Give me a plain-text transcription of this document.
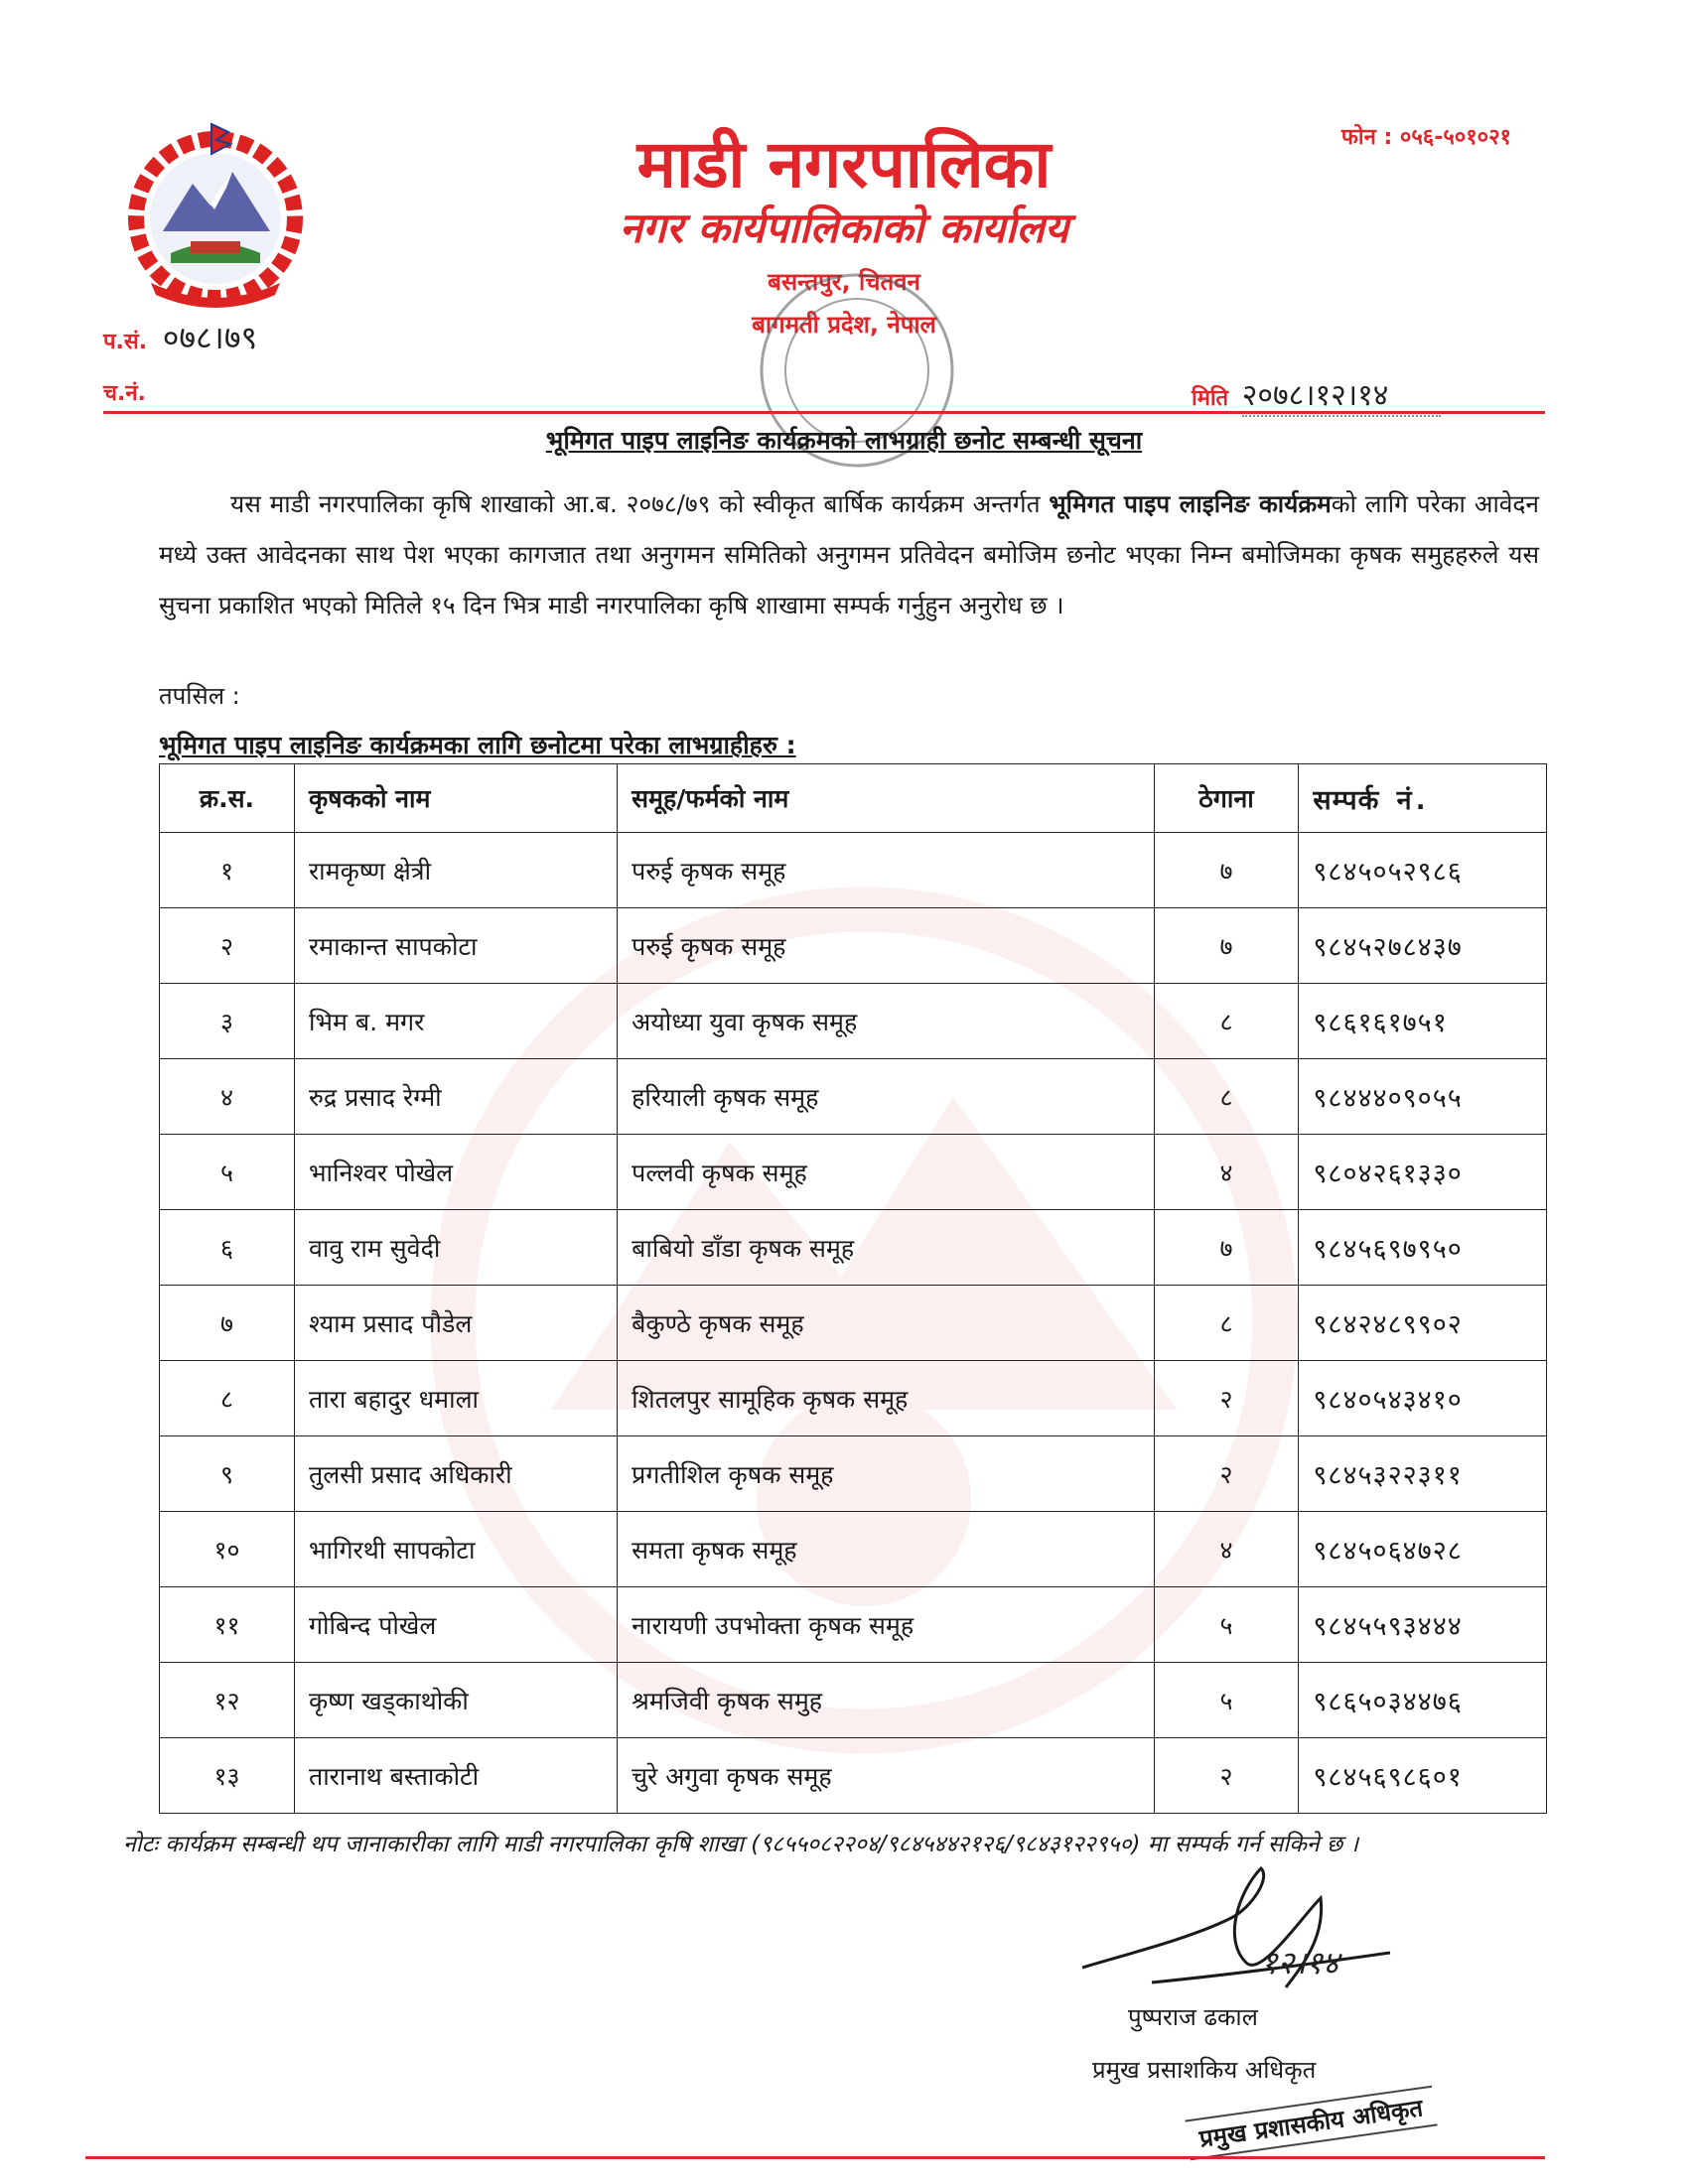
माडी नगरपालिका
नगर कार्यपालिकाको कार्यालय
बसन्तपुर, चितवन
बागमती प्रदेश, नेपाल
फोन : ०५६-५०१०२१
प.सं. ०७८।७९
च.नं.	मिति २०७८।१२।१४
भूमिगत पाइप लाइनिङ कार्यक्रमको लाभग्राही छनोट सम्बन्धी सूचना
यस माडी नगरपालिका कृषि शाखाको आ.ब. २०७८/७९ को स्वीकृत बार्षिक कार्यक्रम अन्तर्गत भूमिगत पाइप लाइनिङ कार्यक्रमको लागि परेका आवेदन मध्ये उक्त आवेदनका साथ पेश भएका कागजात तथा अनुगमन समितिको अनुगमन प्रतिवेदन बमोजिम छनोट भएका निम्न बमोजिमका कृषक समुहहरुले यस सुचना प्रकाशित भएको मितिले १५ दिन भित्र माडी नगरपालिका कृषि शाखामा सम्पर्क गर्नुहुन अनुरोध छ ।
तपसिल :
भूमिगत पाइप लाइनिङ कार्यक्रमका लागि छनोटमा परेका लाभग्राहीहरु :
क्र.स.	कृषकको नाम	समूह/फर्मको नाम	ठेगाना	सम्पर्क नं.
१	रामकृष्ण क्षेत्री	परुई कृषक समूह	७	९८४५०५२९८६
२	रमाकान्त सापकोटा	परुई कृषक समूह	७	९८४५२७८४३७
३	भिम ब. मगर	अयोध्या युवा कृषक समूह	८	९८६१६१७५१
४	रुद्र प्रसाद रेग्मी	हरियाली कृषक समूह	८	९८४४४०९०५५
५	भानिश्वर पोखेल	पल्लवी कृषक समूह	४	९८०४२६१३३०
६	वावु राम सुवेदी	बाबियो डाँडा कृषक समूह	७	९८४५६९७९५०
७	श्याम प्रसाद पौडेल	बैकुण्ठे कृषक समूह	८	९८४२४८९९०२
८	तारा बहादुर धमाला	शितलपुर सामूहिक कृषक समूह	२	९८४०५४३४१०
९	तुलसी प्रसाद अधिकारी	प्रगतीशिल कृषक समूह	२	९८४५३२२३११
१०	भागिरथी सापकोटा	समता कृषक समूह	४	९८४५०६४७२८
११	गोबिन्द पोखेल	नारायणी उपभोक्ता कृषक समूह	५	९८४५५९३४४४
१२	कृष्ण खड्काथोकी	श्रमजिवी कृषक समुह	५	९८६५०३४४७६
१३	तारानाथ बस्ताकोटी	चुरे अगुवा कृषक समूह	२	९८४५६९८६०१
नोटः कार्यक्रम सम्बन्धी थप जानाकारीका लागि माडी नगरपालिका कृषि शाखा (९८५५०८२२०४/९८४५४४२१२६/९८४३१२२९५०) मा सम्पर्क गर्न सकिने छ ।
१२।१४
पुष्पराज ढकाल
प्रमुख प्रसाशकिय अधिकृत
प्रमुख प्रशासकीय अधिकृत
